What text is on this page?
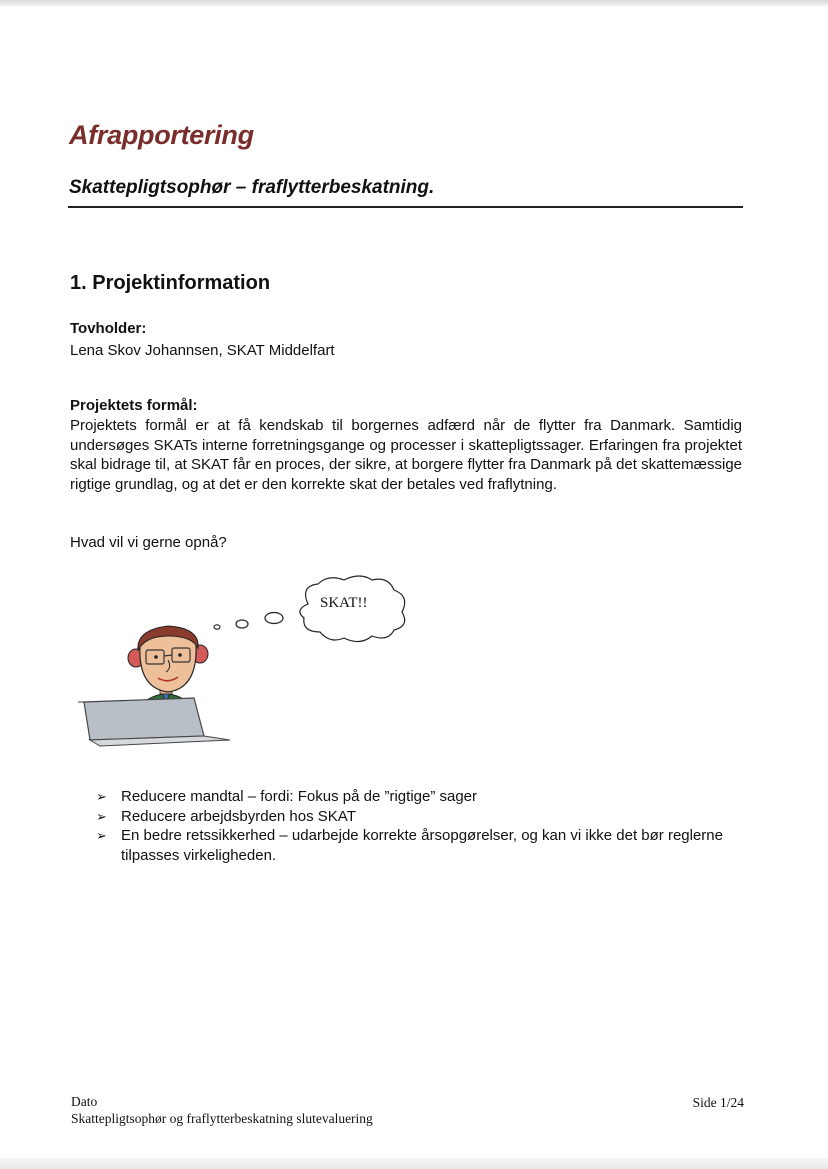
Afrapportering
Skattepligtsophør – fraflytterbeskatning.
1. Projektinformation

Tovholder:

Lena Skov Johannsen, SKAT Middelfart

Projektets formål:

Projektets formål er at få kendskab til borgernes adfærd når de flytter fra Danmark. Samtidig undersøges SKATs interne forretningsgange og processer i skattepligtssager. Erfaringen fra projektet skal bidrage til, at SKAT får en proces, der sikre, at borgere flytter fra Danmark på det skattemæssige rigtige grundlag, og at det er den korrekte skat der betales ved fraflytning.

Hvad vil vi gerne opnå?

SKAT!!
➢ Reducere mandtal – fordi: Fokus på de ”rigtige” sager
➢ Reducere arbejdsbyrden hos SKAT
➢ En bedre retssikkerhed – udarbejde korrekte årsopgørelser, og kan vi ikke det bør reglerne tilpasses virkeligheden.

Dato

Skattepligtsophør og fraflytterbeskatning slutevaluering

Side 1/24
